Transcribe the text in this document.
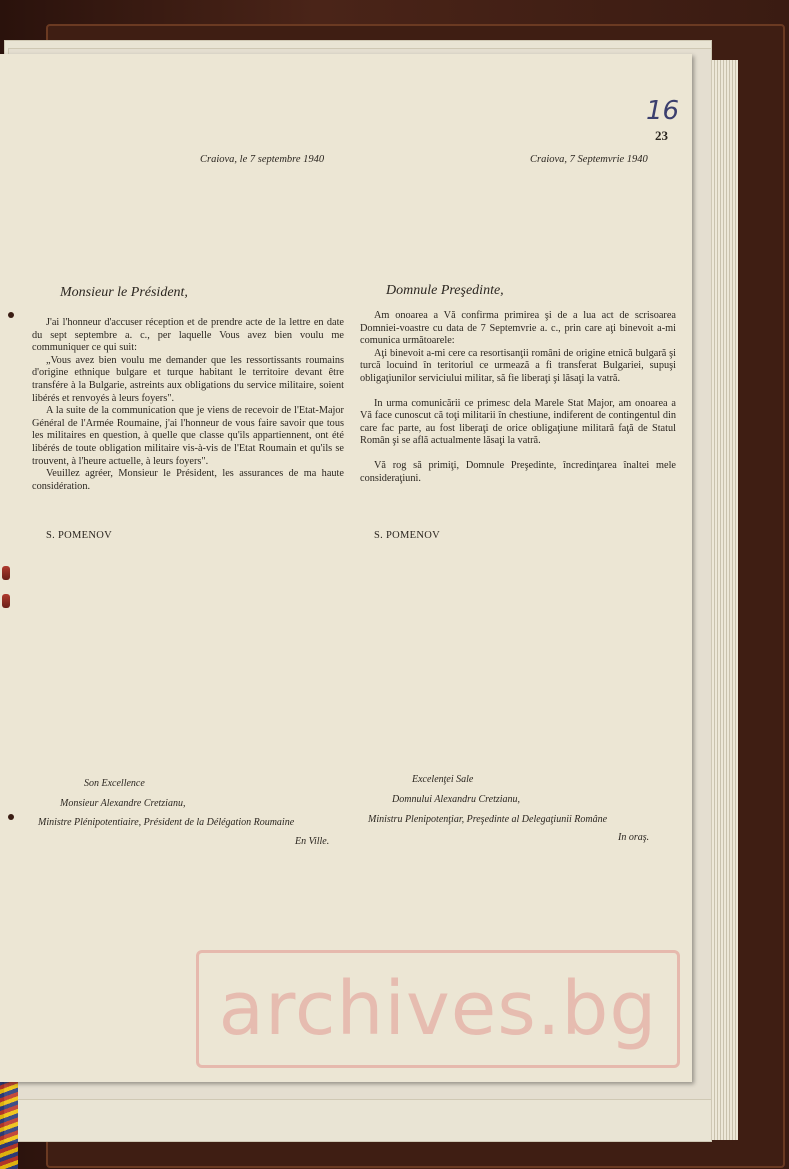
16
23
Craiova, le 7 septembre 1940
Monsieur le Président,

J'ai l'honneur d'accuser réception et de prendre acte de la lettre en date du sept septembre a. c., per laquelle Vous avez bien voulu me communiquer ce qui suit:

„Vous avez bien voulu me demander que les ressortissants roumains d'origine ethnique bulgare et turque habitant le territoire devant être transfére à la Bulgarie, astreints aux obligations du service militaire, soient libérés et renvoyés à leurs foyers".

A la suite de la communication que je viens de recevoir de l'Etat-Major Général de l'Armée Roumaine, j'ai l'honneur de vous faire savoir que tous les militaires en question, à quelle que classe qu'ils appartiennent, ont été libérés de toute obligation militaire vis-à-vis de l'Etat Roumain et qu'ils se trouvent, à l'heure actuelle, à leurs foyers".

Veuillez agréer, Monsieur le Président, les assurances de ma haute considération.

S. POMENOV
Son Excellence
Monsieur Alexandre Cretzianu,
Ministre Plénipotentiaire, Président de la Délégation Roumaine
En Ville.
Craiova, 7 Septemvrie 1940
Domnule Preşedinte,

Am onoarea a Vă confirma primirea şi de a lua act de scrisoarea Domniei-voastre cu data de 7 Septemvrie a. c., prin care aţi binevoit a-mi comunica următoarele:

Aţi binevoit a-mi cere ca resortisanţii români de origine etnică bulgară şi turcă locuind în teritoriul ce urmează a fi transferat Bulgariei, supuşi obligaţiunilor serviciului militar, să fie liberaţi şi lăsaţi la vatră.

In urma comunicării ce primesc dela Marele Stat Major, am onoarea a Vă face cunoscut că toţi militarii în chestiune, indiferent de contingentul din care fac parte, au fost liberaţi de orice obligaţiune militară faţă de Statul Român şi se află actualmente lăsaţi la vatră.

Vă rog să primiţi, Domnule Preşedinte, încredinţarea înaltei mele consideraţiuni.

S. POMENOV
Excelenţei Sale
Domnului Alexandru Cretzianu,
Ministru Plenipotenţiar, Preşedinte al Delegaţiunii Române
In oraş.
archives.bg
